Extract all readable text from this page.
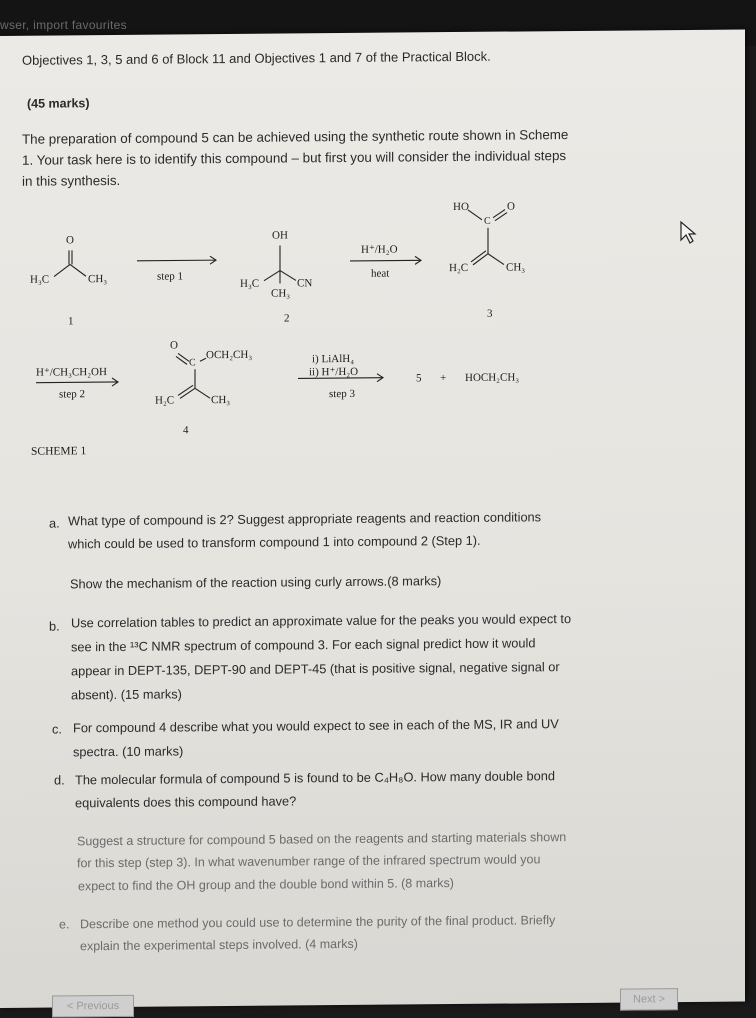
wser, import favourites
Objectives 1, 3, 5 and 6 of Block 11 and Objectives 1 and 7 of the Practical Block.
(45 marks)
The preparation of compound 5 can be achieved using the synthetic route shown in Scheme
1. Your task here is to identify this compound – but first you will consider the individual steps
in this synthesis.
O
H₃C	CH₃
1
step 1
OH
H₃C	CN
CH₃
2
H⁺/H₂O
heat
HO	O
C
H₂C	CH₃
3
H⁺/CH₃CH₂OH
step 2
O
C
OCH₂CH₃
H₂C	CH₃
4
i) LiAlH₄
ii) H⁺/H₂O
step 3
5 + HOCH₂CH₃
SCHEME 1
a. What type of compound is 2? Suggest appropriate reagents and reaction conditions
which could be used to transform compound 1 into compound 2 (Step 1).
Show the mechanism of the reaction using curly arrows.(8 marks)
b. Use correlation tables to predict an approximate value for the peaks you would expect to
see in the ¹³C NMR spectrum of compound 3. For each signal predict how it would
appear in DEPT-135, DEPT-90 and DEPT-45 (that is positive signal, negative signal or
absent). (15 marks)
c. For compound 4 describe what you would expect to see in each of the MS, IR and UV
spectra. (10 marks)
d. The molecular formula of compound 5 is found to be C₄H₈O. How many double bond
equivalents does this compound have?
Suggest a structure for compound 5 based on the reagents and starting materials shown
for this step (step 3). In what wavenumber range of the infrared spectrum would you
expect to find the OH group and the double bond within 5. (8 marks)
e. Describe one method you could use to determine the purity of the final product. Briefly
explain the experimental steps involved. (4 marks)
< Previous
Next >
